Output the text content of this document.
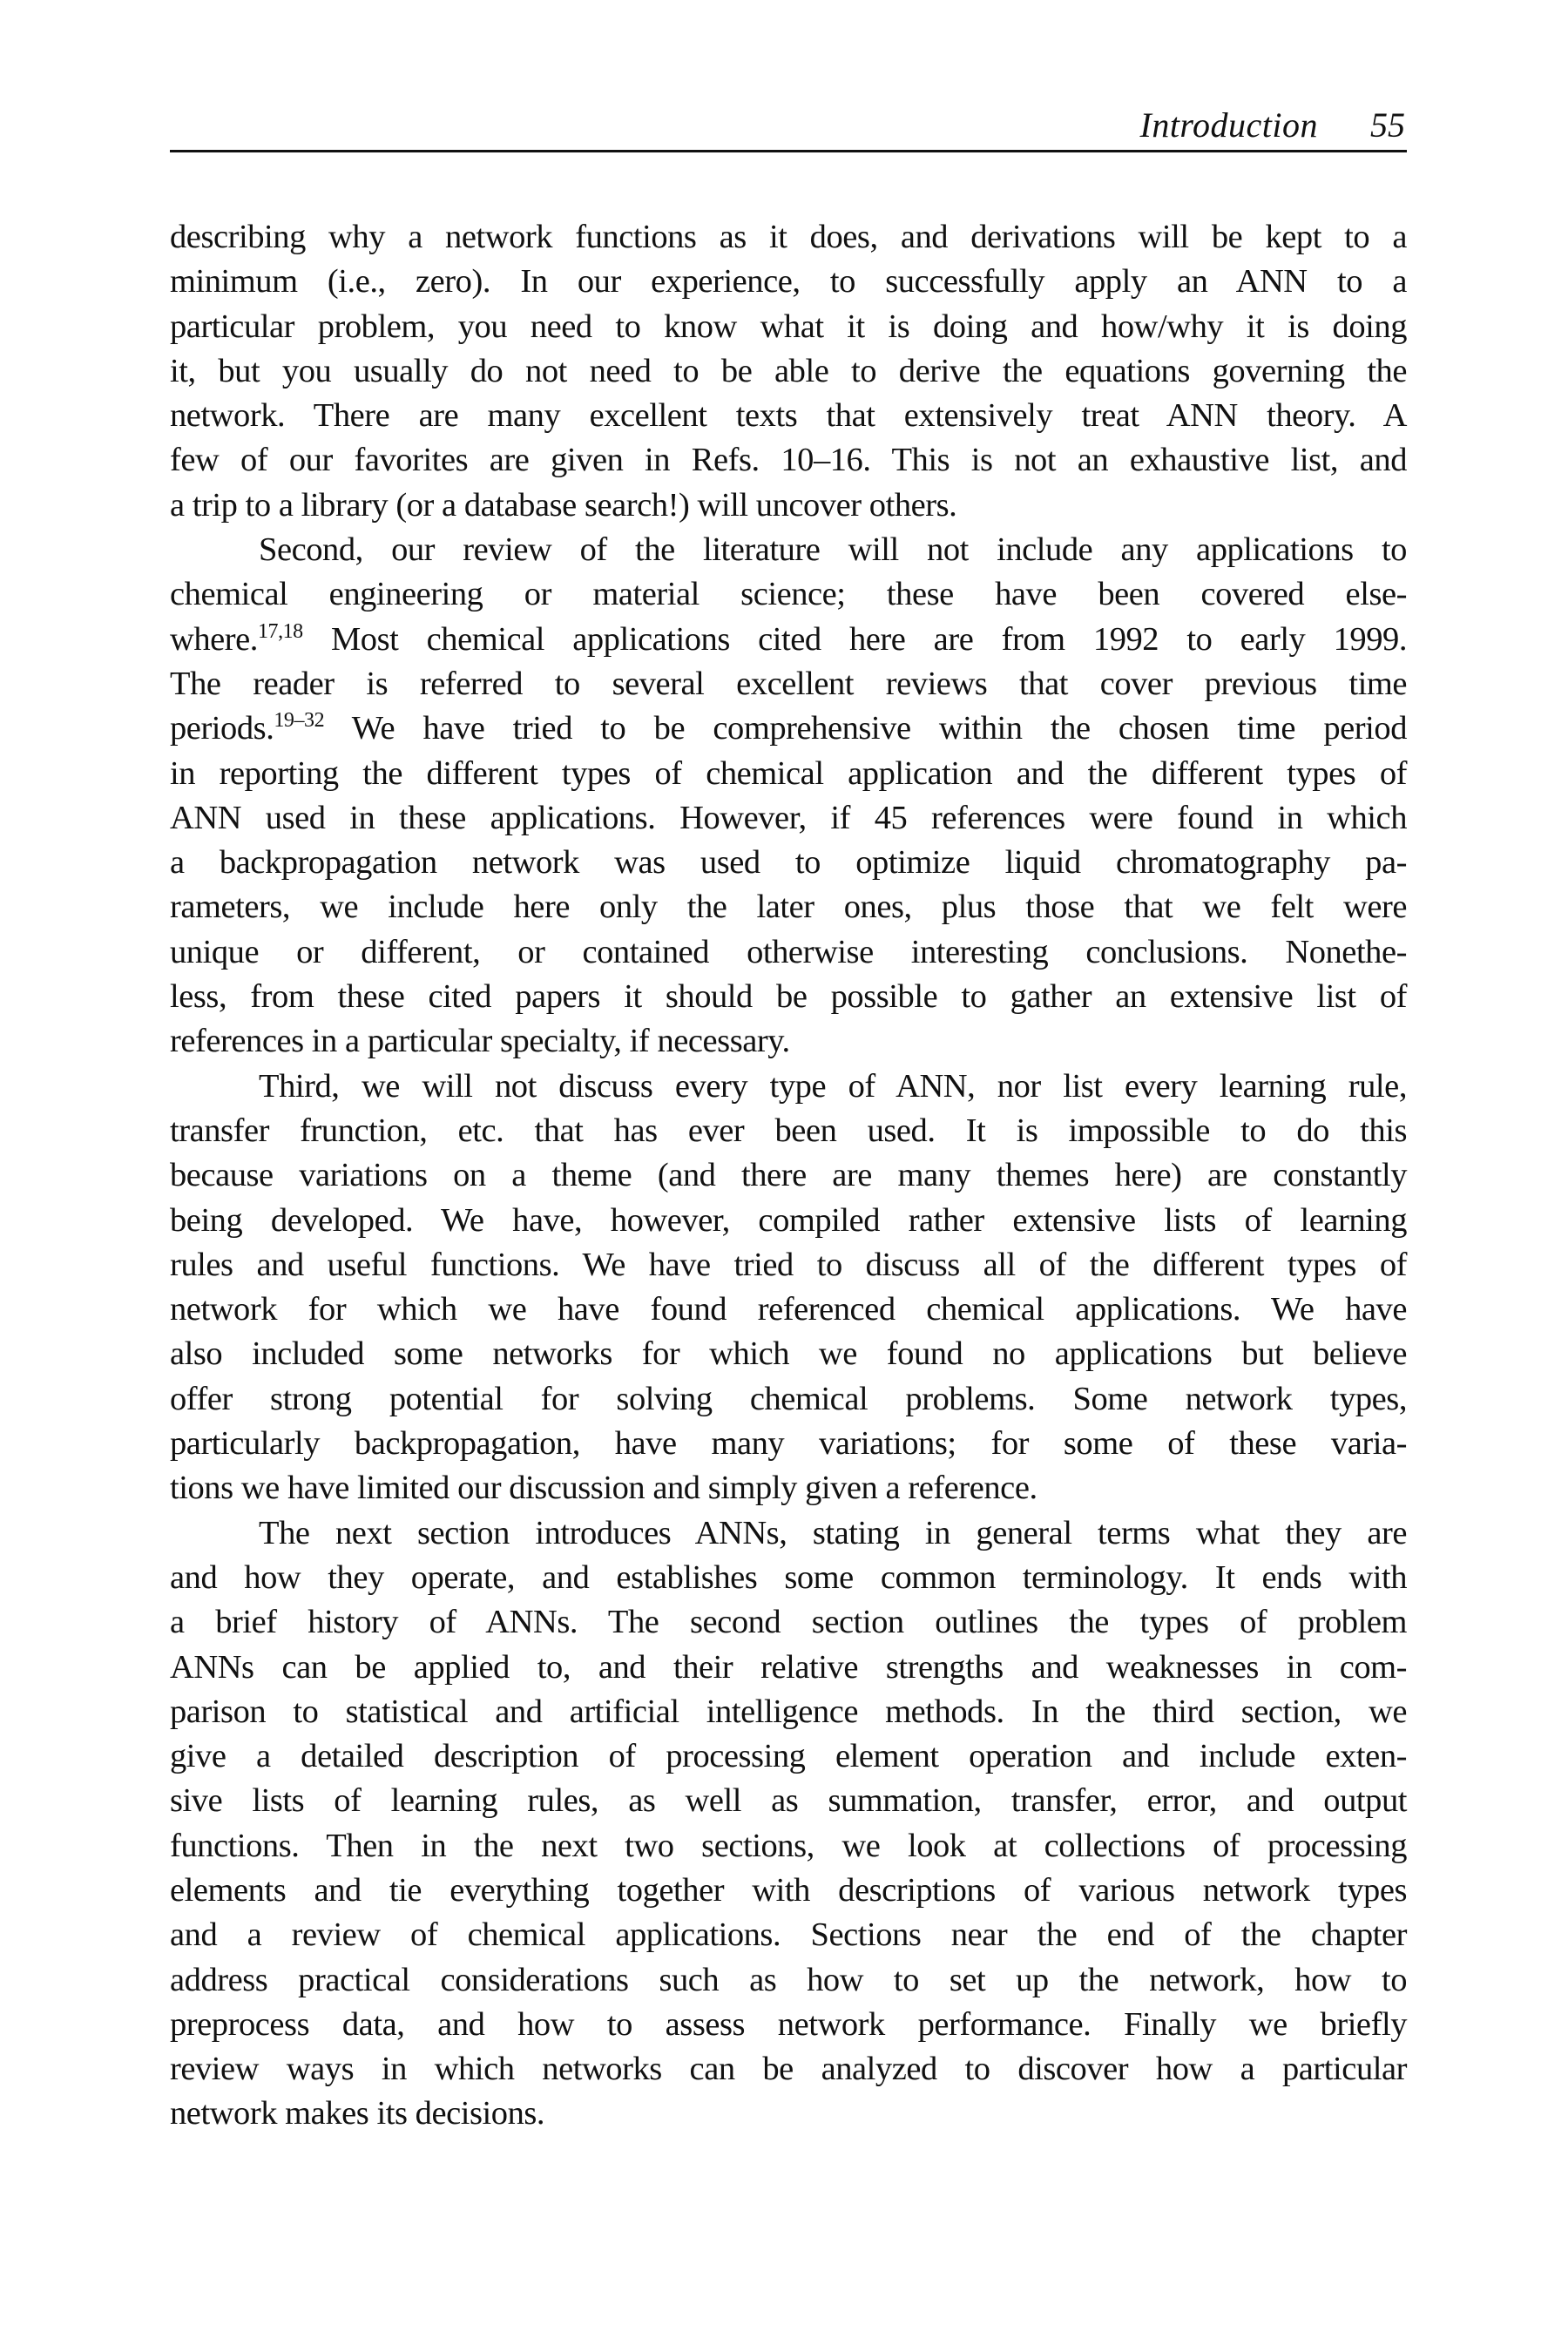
Introduction 55
describing why a network functions as it does, and derivations will be kept to a
minimum (i.e., zero). In our experience, to successfully apply an ANN to a
particular problem, you need to know what it is doing and how/why it is doing
it, but you usually do not need to be able to derive the equations governing the
network. There are many excellent texts that extensively treat ANN theory. A
few of our favorites are given in Refs. 10–16. This is not an exhaustive list, and
a trip to a library (or a database search!) will uncover others.
Second, our review of the literature will not include any applications to
chemical engineering or material science; these have been covered else-
where.$^{17,18}$ Most chemical applications cited here are from 1992 to early 1999.
The reader is referred to several excellent reviews that cover previous time
periods.$^{19-32}$ We have tried to be comprehensive within the chosen time period
in reporting the different types of chemical application and the different types of
ANN used in these applications. However, if 45 references were found in which
a backpropagation network was used to optimize liquid chromatography pa-
rameters, we include here only the later ones, plus those that we felt were
unique or different, or contained otherwise interesting conclusions. Nonethe-
less, from these cited papers it should be possible to gather an extensive list of
references in a particular specialty, if necessary.
Third, we will not discuss every type of ANN, nor list every learning rule,
transfer frunction, etc. that has ever been used. It is impossible to do this
because variations on a theme (and there are many themes here) are constantly
being developed. We have, however, compiled rather extensive lists of learning
rules and useful functions. We have tried to discuss all of the different types of
network for which we have found referenced chemical applications. We have
also included some networks for which we found no applications but believe
offer strong potential for solving chemical problems. Some network types,
particularly backpropagation, have many variations; for some of these varia-
tions we have limited our discussion and simply given a reference.
The next section introduces ANNs, stating in general terms what they are
and how they operate, and establishes some common terminology. It ends with
a brief history of ANNs. The second section outlines the types of problem
ANNs can be applied to, and their relative strengths and weaknesses in com-
parison to statistical and artificial intelligence methods. In the third section, we
give a detailed description of processing element operation and include exten-
sive lists of learning rules, as well as summation, transfer, error, and output
functions. Then in the next two sections, we look at collections of processing
elements and tie everything together with descriptions of various network types
and a review of chemical applications. Sections near the end of the chapter
address practical considerations such as how to set up the network, how to
preprocess data, and how to assess network performance. Finally we briefly
review ways in which networks can be analyzed to discover how a particular
network makes its decisions.
